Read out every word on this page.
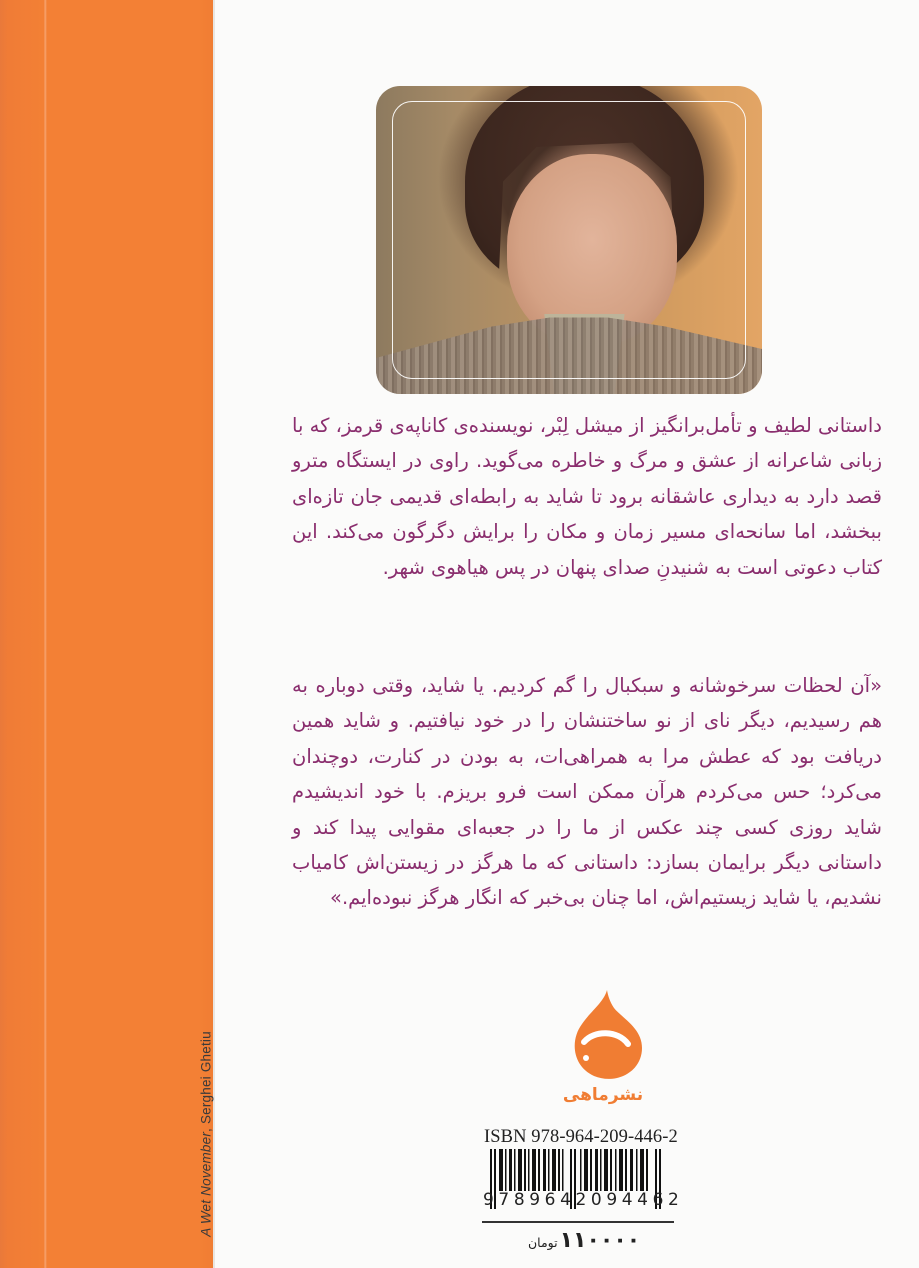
A Wet November, Serghei Ghetiu

داستانی لطیف و تأمل‌برانگیز از میشل لِبْر، نویسنده‌ی کاناپه‌ی قرمز، که با زبانی شاعرانه از عشق و مرگ و خاطره می‌گوید. راوی در ایستگاه مترو قصد دارد به دیداری عاشقانه برود تا شاید به رابطه‌ای قدیمی جان تازه‌ای ببخشد، اما سانحه‌ای مسیر زمان و مکان را برایش دگرگون می‌کند. این کتاب دعوتی است به شنیدنِ صدای پنهان در پس هیاهوی شهر.

«آن لحظات سرخوشانه و سبکبال را گم کردیم. یا شاید، وقتی دوباره به هم رسیدیم، دیگر نای از نو ساختنشان را در خود نیافتیم. و شاید همین دریافت بود که عطش مرا به همراهی‌ات، به بودن در کنارت، دوچندان می‌کرد؛ حس می‌کردم هرآن ممکن است فرو بریزم. با خود اندیشیدم شاید روزی کسی چند عکس از ما را در جعبه‌ای مقوایی پیدا کند و داستانی دیگر برایمان بسازد: داستانی که ما هرگز در زیستن‌اش کامیاب نشدیم، یا شاید زیستیم‌اش، اما چنان بی‌خبر که انگار هرگز نبوده‌ایم.»

نشرماهی
ISBN 978-964-209-446-2
9789642094462
۱۱۰۰۰۰
تومان
